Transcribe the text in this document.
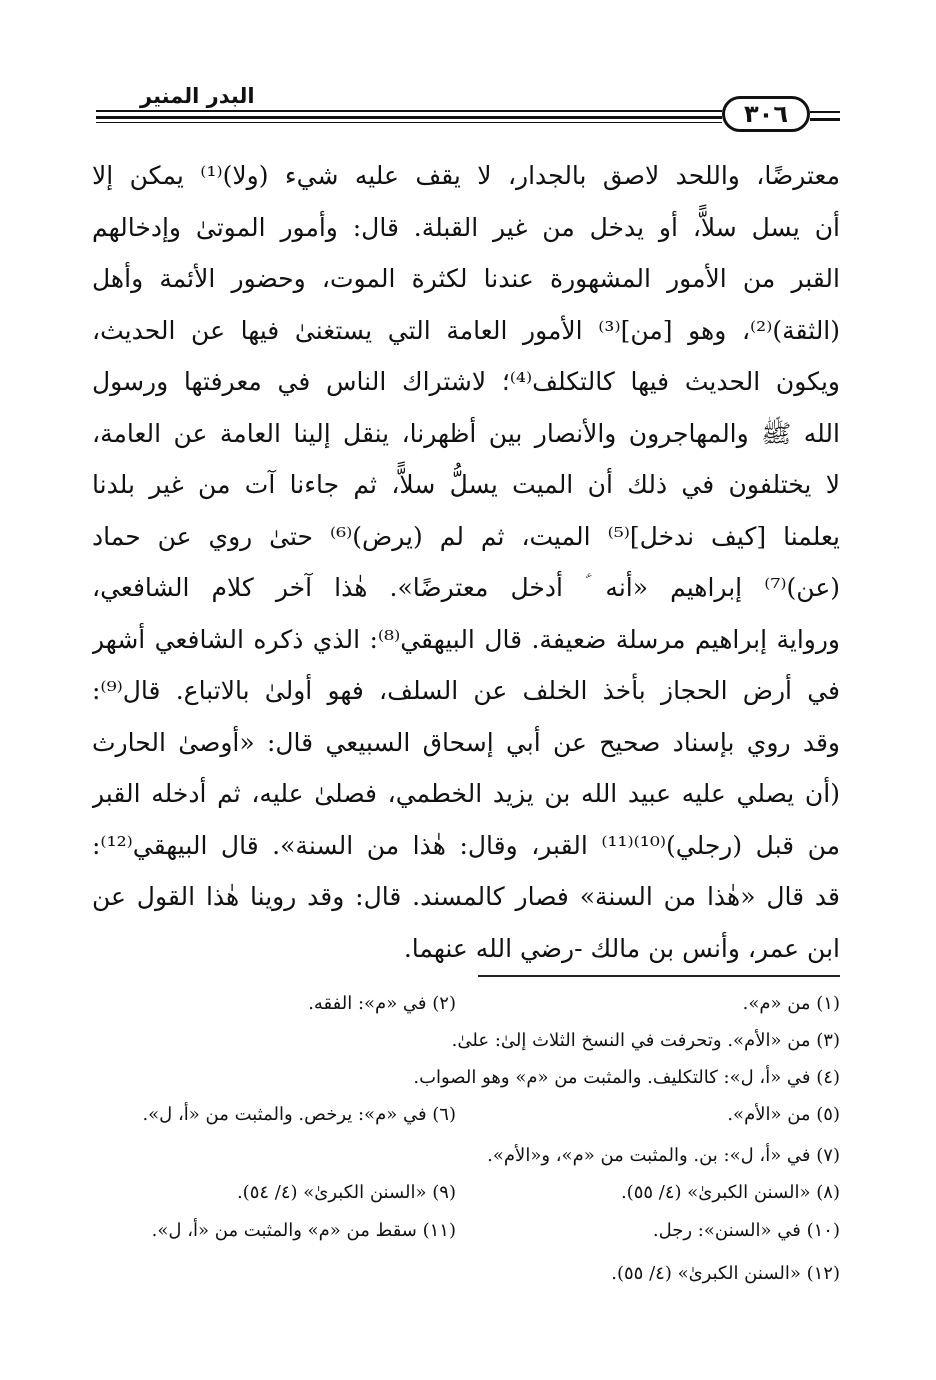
البدر المنير
٣٠٦
معترضًا، واللحد لاصق بالجدار، لا يقف عليه شيء (ولا)⁽¹⁾ يمكن إلا
أن يسل سلاًّ، أو يدخل من غير القبلة. قال: وأمور الموتىٰ وإدخالهم
القبر من الأمور المشهورة عندنا لكثرة الموت، وحضور الأئمة وأهل
(الثقة)⁽²⁾، وهو [من]⁽³⁾ الأمور العامة التي يستغنىٰ فيها عن الحديث،
ويكون الحديث فيها كالتكلف⁽⁴⁾؛ لاشتراك الناس في معرفتها ورسول
الله ﷺ والمهاجرون والأنصار بين أظهرنا، ينقل إلينا العامة عن العامة،
لا يختلفون في ذلك أن الميت يسلُّ سلاًّ، ثم جاءنا آت من غير بلدنا
يعلمنا [كيف ندخل]⁽⁵⁾ الميت، ثم لم (يرض)⁽⁶⁾ حتىٰ روي عن حماد
(عن)⁽⁷⁾ إبراهيم «أنه ؑ أدخل معترضًا». هٰذا آخر كلام الشافعي،
ورواية إبراهيم مرسلة ضعيفة. قال البيهقي⁽⁸⁾: الذي ذكره الشافعي أشهر
في أرض الحجاز بأخذ الخلف عن السلف، فهو أولىٰ بالاتباع. قال⁽⁹⁾:
وقد روي بإسناد صحيح عن أبي إسحاق السبيعي قال: «أوصىٰ الحارث
(أن يصلي عليه عبيد الله بن يزيد الخطمي، فصلىٰ عليه، ثم أدخله القبر
من قبل (رجلي)⁽¹⁰⁾⁽¹¹⁾ القبر، وقال: هٰذا من السنة». قال البيهقي⁽¹²⁾:
قد قال «هٰذا من السنة» فصار كالمسند. قال: وقد روينا هٰذا القول عن
ابن عمر، وأنس بن مالك -رضي الله عنهما.
(١) من «م».
(٢) في «م»: الفقه.
(٣) من «الأم». وتحرفت في النسخ الثلاث إلىٰ: علىٰ.
(٤) في «أ، ل»: كالتكليف. والمثبت من «م» وهو الصواب.
(٥) من «الأم».
(٦) في «م»: يرخص. والمثبت من «أ، ل».
(٧) في «أ، ل»: بن. والمثبت من «م»، و«الأم».
(٨) «السنن الكبرىٰ» (٤/ ٥٥).
(٩) «السنن الكبرىٰ» (٤/ ٥٤).
(١٠) في «السنن»: رجل.
(١١) سقط من «م» والمثبت من «أ، ل».
(١٢) «السنن الكبرىٰ» (٤/ ٥٥).
